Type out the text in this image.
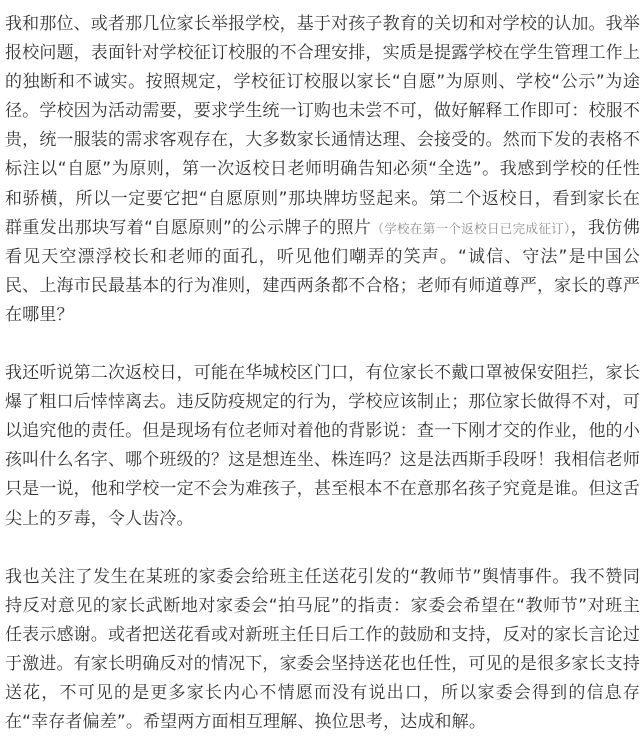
我和那位、或者那几位家长举报学校，基于对孩子教育的关切和对学校的认加。我举报校问题，表面针对学校征订校服的不合理安排，实质是提露学校在学生管理工作上的独断和不诚实。按照规定，学校征订校服以家长“自愿”为原则、学校“公示”为途径。学校因为活动需要，要求学生统一订购也未尝不可，做好解释工作即可：校服不贵，统一服装的需求客观存在，大多数家长通情达理、会接受的。然而下发的表格不标注以“自愿”为原则，第一次返校日老师明确告知必须“全选”。我感到学校的任性和骄横，所以一定要它把“自愿原则”那块牌坊竖起来。第二个返校日，看到家长在群重发出那块写着“自愿原则”的公示牌子的照片（学校在第一个返校日已完成征订），我仿佛看见天空漂浮校长和老师的面孔，听见他们嘲弄的笑声。“诚信、守法”是中国公民、上海市民最基本的行为准则，建西两条都不合格；老师有师道尊严，家长的尊严在哪里？

我还听说第二次返校日，可能在华城校区门口，有位家长不戴口罩被保安阻拦，家长爆了粗口后悻悻离去。违反防疫规定的行为，学校应该制止；那位家长做得不对，可以追究他的责任。但是现场有位老师对着他的背影说：查一下刚才交的作业，他的小孩叫什么名字、哪个班级的？这是想连坐、株连吗？这是法西斯手段呀！我相信老师只是一说，他和学校一定不会为难孩子，甚至根本不在意那名孩子究竟是谁。但这舌尖上的歹毒，令人齿冷。

我也关注了发生在某班的家委会给班主任送花引发的“教师节”舆情事件。我不赞同持反对意见的家长武断地对家委会“拍马屁”的指责：家委会希望在“教师节”对班主任表示感谢。或者把送花看或对新班主任日后工作的鼓励和支持，反对的家长言论过于激进。有家长明确反对的情况下，家委会坚持送花也任性，可见的是很多家长支持送花，不可见的是更多家长内心不情愿而没有说出口，所以家委会得到的信息存在“幸存者偏差”。希望两方面相互理解、换位思考，达成和解。
